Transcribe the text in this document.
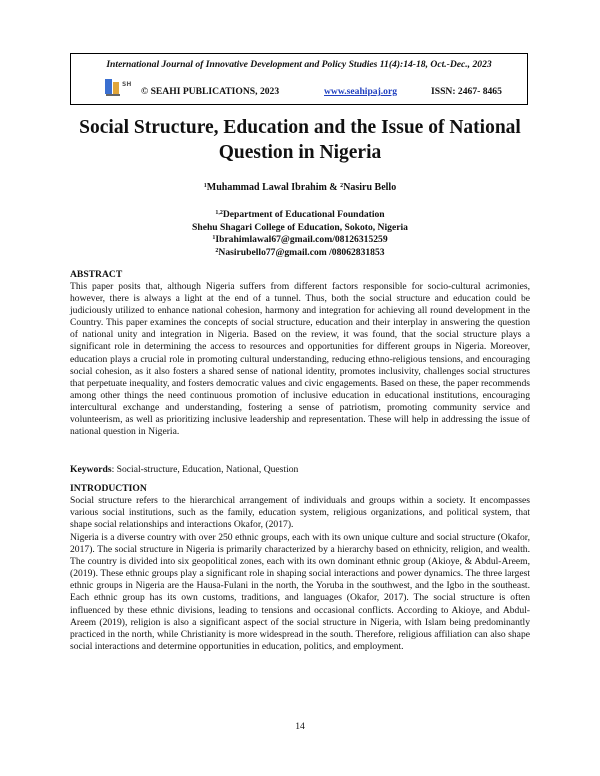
International Journal of Innovative Development and Policy Studies 11(4):14-18, Oct.-Dec., 2023
SH
© SEAHI PUBLICATIONS, 2023	www.seahipaj.org	ISSN: 2467- 8465
Social Structure, Education and the Issue of National
Question in Nigeria
$^1$Muhammad Lawal Ibrahim & $^2$Nasiru Bello
$^{1,2}$Department of Educational Foundation
Shehu Shagari College of Education, Sokoto, Nigeria
$^1$Ibrahimlawal67@gmail.com/08126315259
$^2$Nasirubello77@gmail.com /08062831853
ABSTRACT

This paper posits that, although Nigeria suffers from different factors responsible for socio-cultural acrimonies, however, there is always a light at the end of a tunnel. Thus, both the social structure and education could be judiciously utilized to enhance national cohesion, harmony and integration for achieving all round development in the Country. This paper examines the concepts of social structure, education and their interplay in answering the question of national unity and integration in Nigeria. Based on the review, it was found, that the social structure plays a significant role in determining the access to resources and opportunities for different groups in Nigeria. Moreover, education plays a crucial role in promoting cultural understanding, reducing ethno-religious tensions, and encouraging social cohesion, as it also fosters a shared sense of national identity, promotes inclusivity, challenges social structures that perpetuate inequality, and fosters democratic values and civic engagements. Based on these, the paper recommends among other things the need continuous promotion of inclusive education in educational institutions, encouraging intercultural exchange and understanding, fostering a sense of patriotism, promoting community service and volunteerism, as well as prioritizing inclusive leadership and representation. These will help in addressing the issue of national question in Nigeria.

Keywords: Social-structure, Education, National, Question

INTRODUCTION

Social structure refers to the hierarchical arrangement of individuals and groups within a society. It encompasses various social institutions, such as the family, education system, religious organizations, and political system, that shape social relationships and interactions Okafor, (2017).

Nigeria is a diverse country with over 250 ethnic groups, each with its own unique culture and social structure (Okafor, 2017). The social structure in Nigeria is primarily characterized by a hierarchy based on ethnicity, religion, and wealth. The country is divided into six geopolitical zones, each with its own dominant ethnic group (Akioye, & Abdul-Areem, (2019). These ethnic groups play a significant role in shaping social interactions and power dynamics. The three largest ethnic groups in Nigeria are the Hausa-Fulani in the north, the Yoruba in the southwest, and the Igbo in the southeast. Each ethnic group has its own customs, traditions, and languages (Okafor, 2017). The social structure is often influenced by these ethnic divisions, leading to tensions and occasional conflicts. According to Akioye, and Abdul-Areem (2019), religion is also a significant aspect of the social structure in Nigeria, with Islam being predominantly practiced in the north, while Christianity is more widespread in the south. Therefore, religious affiliation can also shape social interactions and determine opportunities in education, politics, and employment.

14
